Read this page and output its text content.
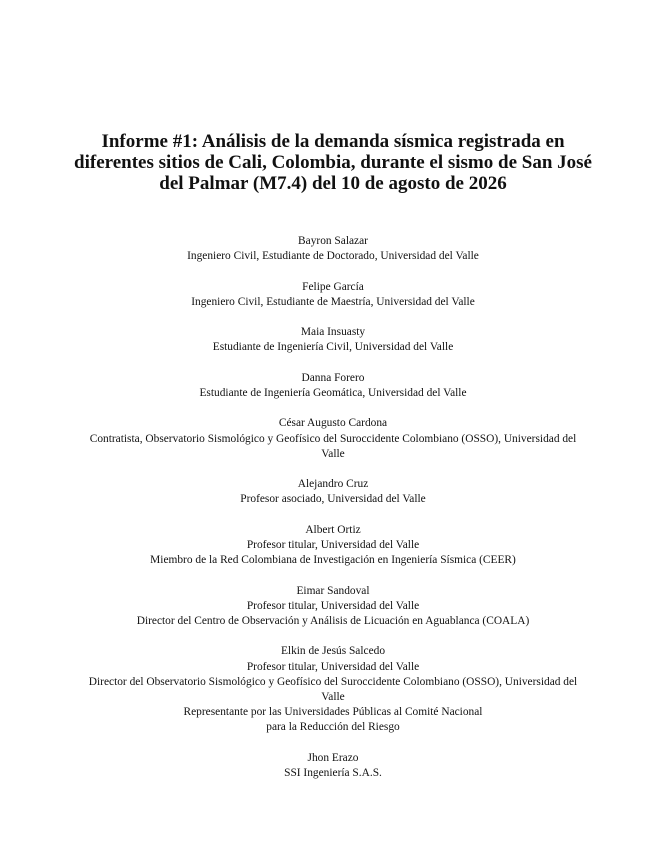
Informe #1: Análisis de la demanda sísmica registrada en
diferentes sitios de Cali, Colombia, durante el sismo de San José
del Palmar (M7.4) del 10 de agosto de 2026
Bayron Salazar
Ingeniero Civil, Estudiante de Doctorado, Universidad del Valle
Felipe García
Ingeniero Civil, Estudiante de Maestría, Universidad del Valle
Maia Insuasty
Estudiante de Ingeniería Civil, Universidad del Valle
Danna Forero
Estudiante de Ingeniería Geomática, Universidad del Valle
César Augusto Cardona
Contratista, Observatorio Sismológico y Geofísico del Suroccidente Colombiano (OSSO), Universidad del
Valle
Alejandro Cruz
Profesor asociado, Universidad del Valle
Albert Ortiz
Profesor titular, Universidad del Valle
Miembro de la Red Colombiana de Investigación en Ingeniería Sísmica (CEER)
Eimar Sandoval
Profesor titular, Universidad del Valle
Director del Centro de Observación y Análisis de Licuación en Aguablanca (COALA)
Elkin de Jesús Salcedo
Profesor titular, Universidad del Valle
Director del Observatorio Sismológico y Geofísico del Suroccidente Colombiano (OSSO), Universidad del
Valle
Representante por las Universidades Públicas al Comité Nacional
para la Reducción del Riesgo
Jhon Erazo
SSI Ingeniería S.A.S.
